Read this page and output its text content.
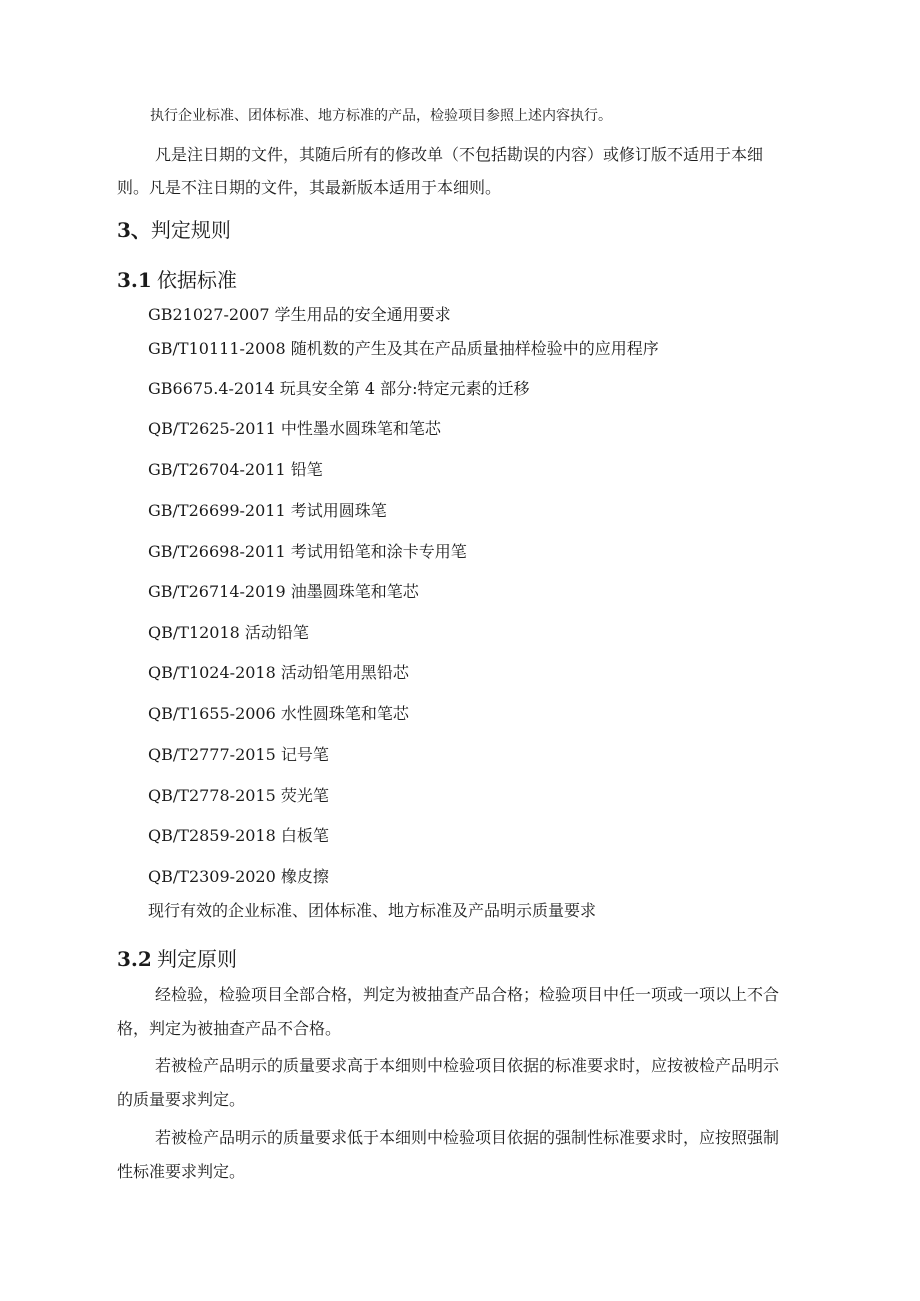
执行企业标准、团体标准、地方标准的产品，检验项目参照上述内容执行。

凡是注日期的文件，其随后所有的修改单（不包括勘误的内容）或修订版不适用于本细

则。凡是不注日期的文件，其最新版本适用于本细则。

3、判定规则
3.1 依据标准

GB21027-2007 学生用品的安全通用要求

GB/T10111-2008 随机数的产生及其在产品质量抽样检验中的应用程序

GB6675.4-2014 玩具安全第 4 部分:特定元素的迁移

QB/T2625-2011 中性墨水圆珠笔和笔芯

GB/T26704-2011 铅笔

GB/T26699-2011 考试用圆珠笔

GB/T26698-2011 考试用铅笔和涂卡专用笔

GB/T26714-2019 油墨圆珠笔和笔芯

QB/T12018 活动铅笔

QB/T1024-2018 活动铅笔用黑铅芯

QB/T1655-2006 水性圆珠笔和笔芯

QB/T2777-2015 记号笔

QB/T2778-2015 荧光笔

QB/T2859-2018 白板笔

QB/T2309-2020 橡皮擦

现行有效的企业标准、团体标准、地方标准及产品明示质量要求

3.2 判定原则

经检验，检验项目全部合格，判定为被抽查产品合格；检验项目中任一项或一项以上不合

格，判定为被抽查产品不合格。

若被检产品明示的质量要求高于本细则中检验项目依据的标准要求时，应按被检产品明示

的质量要求判定。

若被检产品明示的质量要求低于本细则中检验项目依据的强制性标准要求时，应按照强制

性标准要求判定。
